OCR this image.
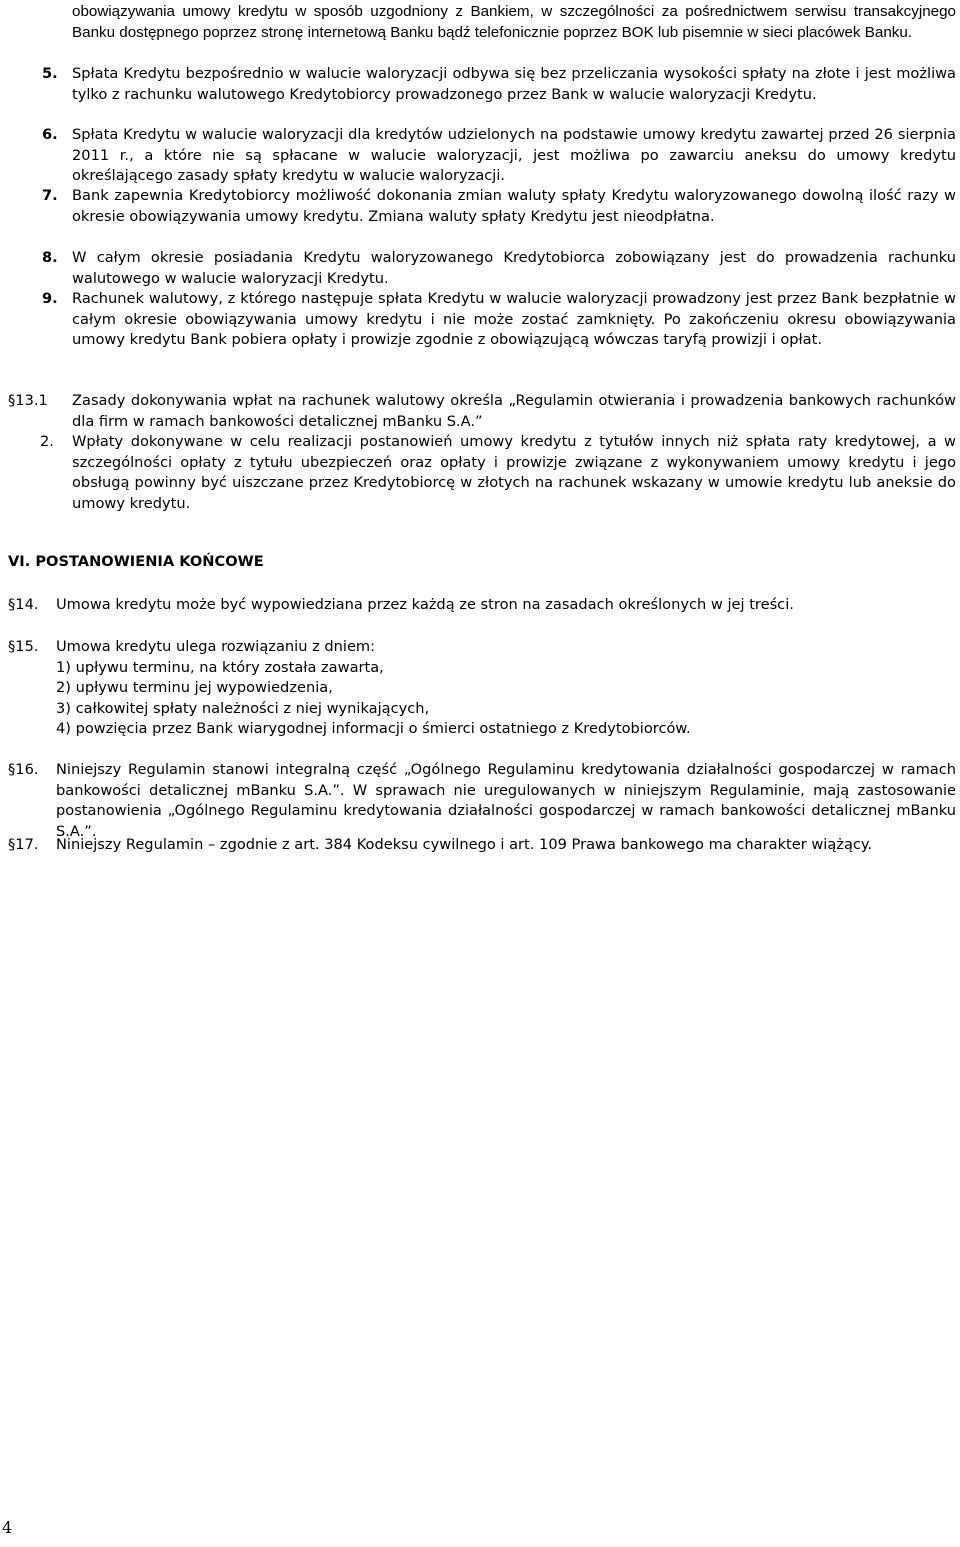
obowiązywania umowy kredytu w sposób uzgodniony z Bankiem, w szczególności za pośrednictwem serwisu transakcyjnego Banku dostępnego poprzez stronę internetową Banku bądź telefonicznie poprzez BOK lub pisemnie w sieci placówek Banku.
5. Spłata Kredytu bezpośrednio w walucie waloryzacji odbywa się bez przeliczania wysokości spłaty na złote i jest możliwa tylko z rachunku walutowego Kredytobiorcy prowadzonego przez Bank w walucie waloryzacji Kredytu.
6. Spłata Kredytu w walucie waloryzacji dla kredytów udzielonych na podstawie umowy kredytu zawartej przed 26 sierpnia 2011 r., a które nie są spłacane w walucie waloryzacji, jest możliwa po zawarciu aneksu do umowy kredytu określającego zasady spłaty kredytu w walucie waloryzacji.
7. Bank zapewnia Kredytobiorcy możliwość dokonania zmian waluty spłaty Kredytu waloryzowanego dowolną ilość razy w okresie obowiązywania umowy kredytu. Zmiana waluty spłaty Kredytu jest nieodpłatna.
8. W całym okresie posiadania Kredytu waloryzowanego Kredytobiorca zobowiązany jest do prowadzenia rachunku walutowego w walucie waloryzacji Kredytu.
9. Rachunek walutowy, z którego następuje spłata Kredytu w walucie waloryzacji prowadzony jest przez Bank bezpłatnie w całym okresie obowiązywania umowy kredytu i nie może zostać zamknięty. Po zakończeniu okresu obowiązywania umowy kredytu Bank pobiera opłaty i prowizje zgodnie z obowiązującą wówczas taryfą prowizji i opłat.
§13.1	Zasady dokonywania wpłat na rachunek walutowy określa „Regulamin otwierania i prowadzenia bankowych rachunków dla firm w ramach bankowości detalicznej mBanku S.A.”
2.	Wpłaty dokonywane w celu realizacji postanowień umowy kredytu z tytułów innych niż spłata raty kredytowej, a w szczególności opłaty z tytułu ubezpieczeń oraz opłaty i prowizje związane z wykonywaniem umowy kredytu i jego obsługą powinny być uiszczane przez Kredytobiorcę w złotych na rachunek wskazany w umowie kredytu lub aneksie do umowy kredytu.
VI. POSTANOWIENIA KOŃCOWE
§14.	Umowa kredytu może być wypowiedziana przez każdą ze stron na zasadach określonych w jej treści.
§15.	Umowa kredytu ulega rozwiązaniu z dniem:
1) upływu terminu, na który została zawarta,
2) upływu terminu jej wypowiedzenia,
3) całkowitej spłaty należności z niej wynikających,
4) powzięcia przez Bank wiarygodnej informacji o śmierci ostatniego z Kredytobiorców.
§16.	Niniejszy Regulamin stanowi integralną część „Ogólnego Regulaminu kredytowania działalności gospodarczej w ramach bankowości detalicznej mBanku S.A.”. W sprawach nie uregulowanych w niniejszym Regulaminie, mają zastosowanie postanowienia „Ogólnego Regulaminu kredytowania działalności gospodarczej w ramach bankowości detalicznej mBanku S.A.”.
§17.	Niniejszy Regulamin – zgodnie z art. 384 Kodeksu cywilnego i art. 109 Prawa bankowego ma charakter wiążący.
4
